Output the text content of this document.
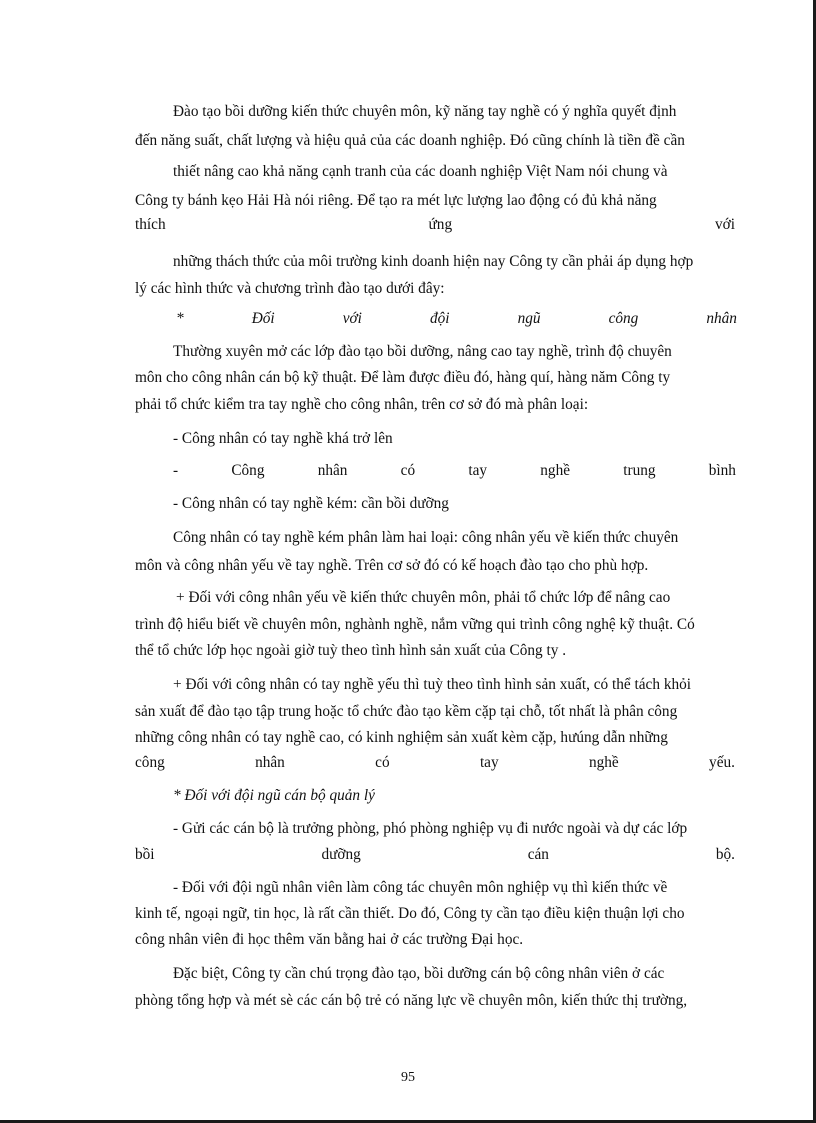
Đào tạo bồi dưỡng kiến thức chuyên môn, kỹ năng tay nghề có ý nghĩa quyết định

đến năng suất, chất lượng và hiệu quả của các doanh nghiệp. Đó cũng chính là tiền đề cần

thiết nâng cao khả năng cạnh tranh của các doanh nghiệp Việt Nam nói chung và

Công ty bánh kẹo Hải Hà nói riêng. Để tạo ra mét lực lượng lao động có đủ khả năng

thích	ứng	với

những thách thức của môi trường kinh doanh hiện nay Công ty cần phải áp dụng hợp

lý các hình thức và chương trình đào tạo dưới đây:

*	Đối	với	đội	ngũ	công	nhân

Thường xuyên mở các lớp đào tạo bồi dưỡng, nâng cao tay nghề, trình độ chuyên

môn cho công nhân cán bộ kỹ thuật. Để làm được điều đó, hàng quí, hàng năm Công ty

phải tổ chức kiểm tra tay nghề cho công nhân, trên cơ sở đó mà phân loại:

- Công nhân có tay nghề khá trở lên

-	Công	nhân	có	tay	nghề	trung	bình

- Công nhân có tay nghề kém: cần bồi dưỡng

Công nhân có tay nghề kém phân làm hai loại: công nhân yếu về kiến thức chuyên

môn và công nhân yếu về tay nghề. Trên cơ sở đó có kế hoạch đào tạo cho phù hợp.

+ Đối với công nhân yếu về kiến thức chuyên môn, phải tổ chức lớp để nâng cao

trình độ hiểu biết về chuyên môn, nghành nghề, nắm vững qui trình công nghệ kỹ thuật. Có

thể tổ chức lớp học ngoài giờ tuỳ theo tình hình sản xuất của Công ty .

+ Đối với công nhân có tay nghề yếu thì tuỳ theo tình hình sản xuất, có thể tách khỏi

sản xuất để đào tạo tập trung hoặc tổ chức đào tạo kềm cặp tại chỗ, tốt nhất là phân công

những công nhân có tay nghề cao, có kinh nghiệm sản xuất kèm cặp, hưúng dẫn những

công	nhân	có	tay	nghề	yếu.

* Đối với đội ngũ cán bộ quản lý

- Gửi các cán bộ là trưởng phòng, phó phòng nghiệp vụ đi nước ngoài và dự các lớp

bồi	dưỡng	cán	bộ.

- Đối với đội ngũ nhân viên làm công tác chuyên môn nghiệp vụ thì kiến thức về

kinh tế, ngoại ngữ, tin học, là rất cần thiết. Do đó, Công ty cần tạo điều kiện thuận lợi cho

công nhân viên đi học thêm văn bằng hai ở các trường Đại học.

Đặc biệt, Công ty cần chú trọng đào tạo, bồi dưỡng cán bộ công nhân viên ở các

phòng tổng hợp và mét sè các cán bộ trẻ có năng lực về chuyên môn, kiến thức thị trường,

95
